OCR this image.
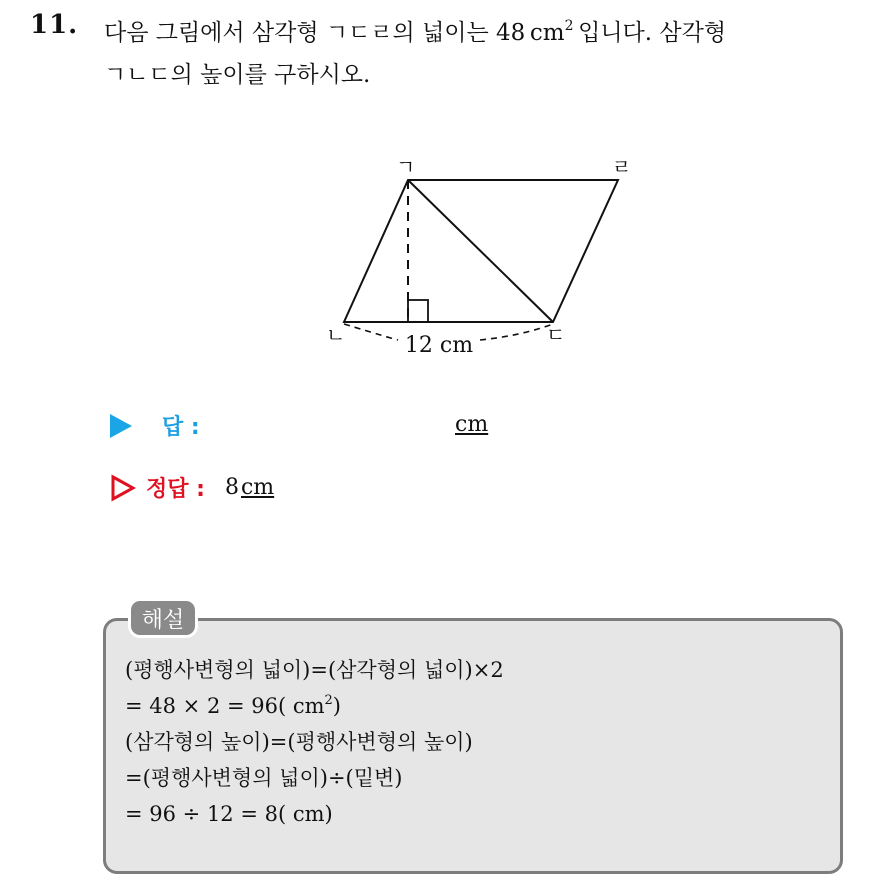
11. 다음 그림에서 삼각형 ㄱㄷㄹ의 넓이는 48  $cm^2$  입니다. 삼각형
ㄱㄴㄷ의 높이를 구하시오.
ㄱ	ㄹ
ㄴ	ㄷ
12 cm
답 :	cm
정답 : 8cm
해설
(평행사변형의 넓이)=(삼각형의 넓이)×2
= 48 × 2 = 96( $cm^2$)
(삼각형의 높이)=(평행사변형의 높이)
=(평행사변형의 넓이)÷(밑변)
= 96 ÷ 12 = 8( cm)
